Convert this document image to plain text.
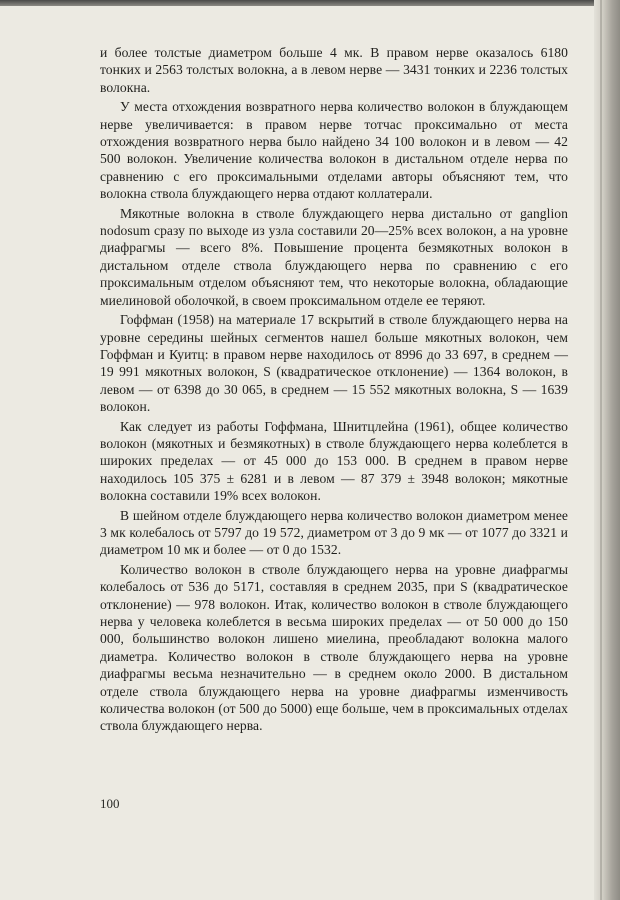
и более толстые диаметром больше 4 мк. В правом нерве оказалось 6180 тонких и 2563 толстых волокна, а в левом нерве — 3431 тонких и 2236 толстых волокна.

У места отхождения возвратного нерва количество волокон в блуждающем нерве увеличивается: в правом нерве тотчас проксимально от места отхождения возвратного нерва было найдено 34 100 волокон и в левом — 42 500 волокон. Увеличение количества волокон в дистальном отделе нерва по сравнению с его проксимальными отделами авторы объясняют тем, что волокна ствола блуждающего нерва отдают коллатерали.

Мякотные волокна в стволе блуждающего нерва дистально от ganglion nodosum сразу по выходе из узла составили 20—25% всех волокон, а на уровне диафрагмы — всего 8%. Повышение процента безмякотных волокон в дистальном отделе ствола блуждающего нерва по сравнению с его проксимальным отделом объясняют тем, что некоторые волокна, обладающие миелиновой оболочкой, в своем проксимальном отделе ее теряют.

Гоффман (1958) на материале 17 вскрытий в стволе блуждающего нерва на уровне середины шейных сегментов нашел больше мякотных волокон, чем Гоффман и Куитц: в правом нерве находилось от 8996 до 33 697, в среднем — 19 991 мякотных волокон, S (квадратическое отклонение) — 1364 волокон, в левом — от 6398 до 30 065, в среднем — 15 552 мякотных волокна, S — 1639 волокон.

Как следует из работы Гоффмана, Шнитцлейна (1961), общее количество волокон (мякотных и безмякотных) в стволе блуждающего нерва колеблется в широких пределах — от 45 000 до 153 000. В среднем в правом нерве находилось 105 375 ± 6281 и в левом — 87 379 ± 3948 волокон; мякотные волокна составили 19% всех волокон.

В шейном отделе блуждающего нерва количество волокон диаметром менее 3 мк колебалось от 5797 до 19 572, диаметром от 3 до 9 мк — от 1077 до 3321 и диаметром 10 мк и более — от 0 до 1532.

Количество волокон в стволе блуждающего нерва на уровне диафрагмы колебалось от 536 до 5171, составляя в среднем 2035, при S (квадратическое отклонение) — 978 волокон. Итак, количество волокон в стволе блуждающего нерва у человека колеблется в весьма широких пределах — от 50 000 до 150 000, большинство волокон лишено миелина, преобладают волокна малого диаметра. Количество волокон в стволе блуждающего нерва на уровне диафрагмы весьма незначительно — в среднем около 2000. В дистальном отделе ствола блуждающего нерва на уровне диафрагмы изменчивость количества волокон (от 500 до 5000) еще больше, чем в проксимальных отделах ствола блуждающего нерва.

100
